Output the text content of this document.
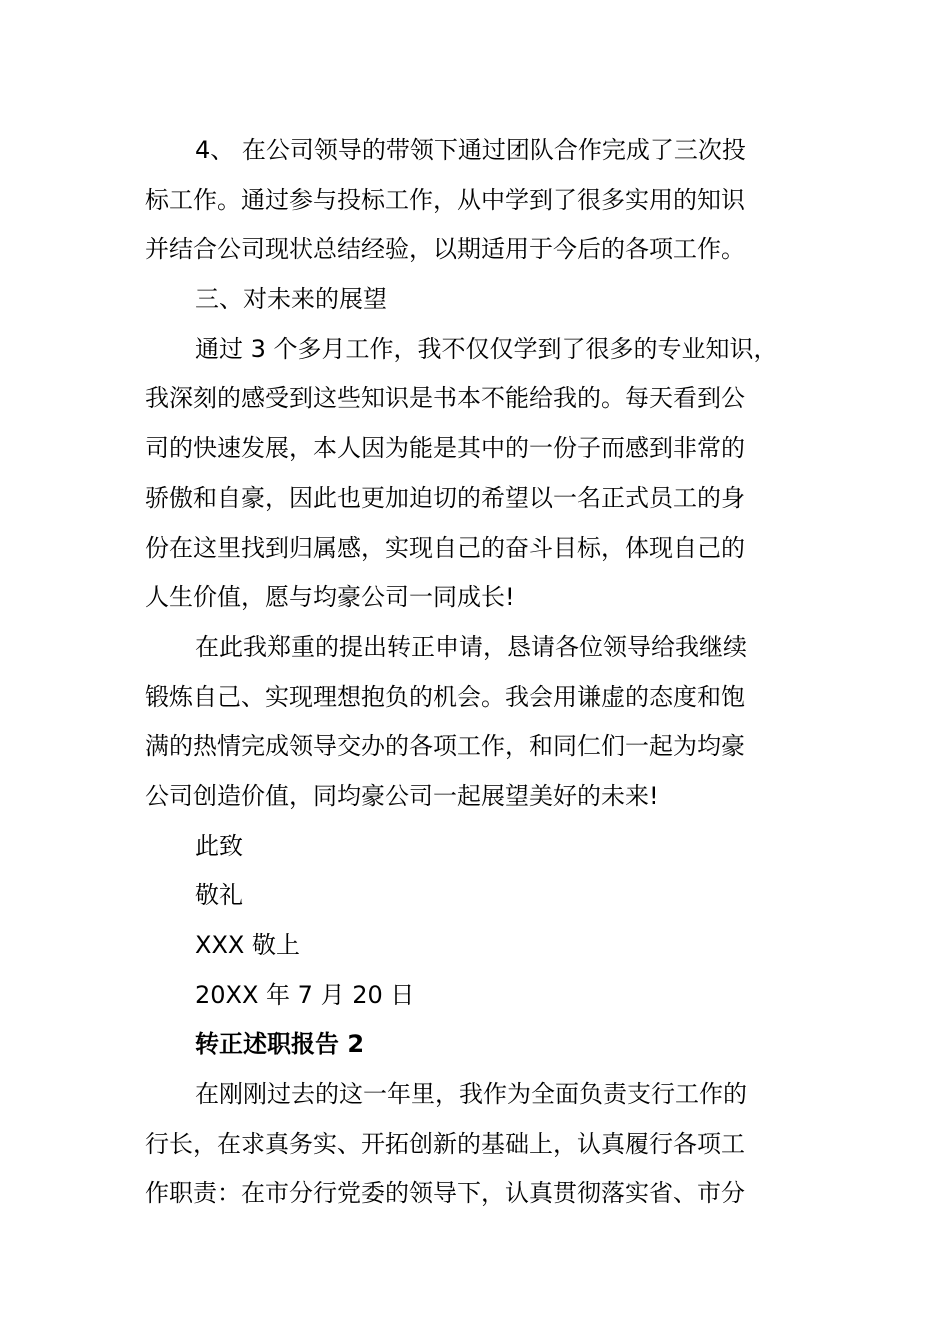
4、 在公司领导的带领下通过团队合作完成了三次投
标工作。通过参与投标工作，从中学到了很多实用的知识
并结合公司现状总结经验，以期适用于今后的各项工作。
三、对未来的展望
通过 3 个多月工作，我不仅仅学到了很多的专业知识，
我深刻的感受到这些知识是书本不能给我的。每天看到公
司的快速发展，本人因为能是其中的一份子而感到非常的
骄傲和自豪，因此也更加迫切的希望以一名正式员工的身
份在这里找到归属感，实现自己的奋斗目标，体现自己的
人生价值，愿与均豪公司一同成长!
在此我郑重的提出转正申请，恳请各位领导给我继续
锻炼自己、实现理想抱负的机会。我会用谦虚的态度和饱
满的热情完成领导交办的各项工作，和同仁们一起为均豪
公司创造价值，同均豪公司一起展望美好的未来!
此致
敬礼
XXX 敬上
20XX 年 7 月 20 日
转正述职报告 2
在刚刚过去的这一年里，我作为全面负责支行工作的
行长，在求真务实、开拓创新的基础上，认真履行各项工
作职责：在市分行党委的领导下，认真贯彻落实省、市分
